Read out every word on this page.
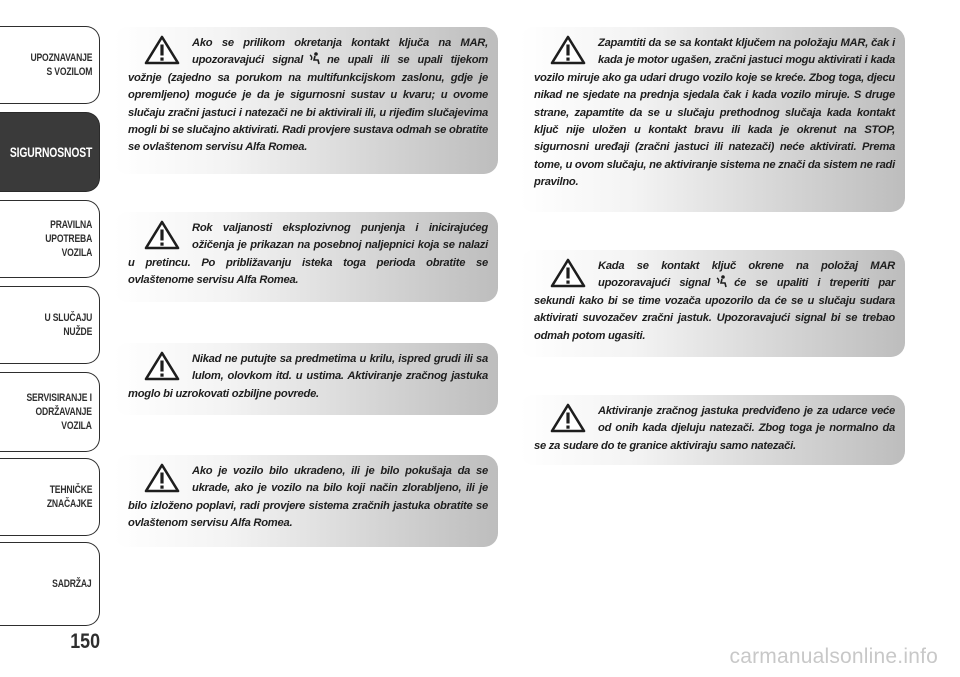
UPOZNAVANJE
S VOZILOM
SIGURNOSNOST
PRAVILNA
UPOTREBA
VOZILA
U SLUČAJU
NUŽDE
SERVISIRANJE I
ODRŽAVANJE
VOZILA
TEHNIČKE
ZNAČAJKE
SADRŽAJ
150
Ako se prilikom okretanja kontakt ključa na MAR, upozoravajući signal ne upali ili se upali tijekom vožnje (zajedno sa porukom na multifunkcijskom zaslonu, gdje je opremljeno) moguće je da je sigurnosni sustav u kvaru; u ovome slučaju zračni jastuci i natezači ne bi aktivirali ili, u rijeđim slučajevima mogli bi se slučajno aktivirati. Radi provjere sustava odmah se obratite se ovlaštenom servisu Alfa Romea.
Rok valjanosti eksplozivnog punjenja i inicirajućeg ožičenja je prikazan na posebnoj naljepnici koja se nalazi u pretincu. Po približavanju isteka toga perioda obratite se ovlaštenome servisu Alfa Romea.
Nikad ne putujte sa predmetima u krilu, ispred grudi ili sa lulom, olovkom itd. u ustima. Aktiviranje zračnog jastuka moglo bi uzrokovati ozbiljne povrede.
Ako je vozilo bilo ukradeno, ili je bilo pokušaja da se ukrade, ako je vozilo na bilo koji način zlorabljeno, ili je bilo izloženo poplavi, radi provjere sistema zračnih jastuka obratite se ovlaštenom servisu Alfa Romea.
Zapamtiti da se sa kontakt ključem na položaju MAR, čak i kada je motor ugašen, zračni jastuci mogu aktivirati i kada vozilo miruje ako ga udari drugo vozilo koje se kreće. Zbog toga, djecu nikad ne sjedate na prednja sjedala čak i kada vozilo miruje. S druge strane, zapamtite da se u slučaju prethodnog slučaja kada kontakt ključ nije uložen u kontakt bravu ili kada je okrenut na STOP, sigurnosni uređaji (zračni jastuci ili natezači) neće aktivirati. Prema tome, u ovom slučaju, ne aktiviranje sistema ne znači da sistem ne radi pravilno.
Kada se kontakt ključ okrene na položaj MAR upozoravajući signal će se upaliti i treperiti par sekundi kako bi se time vozača upozorilo da će se u slučaju sudara aktivirati suvozačev zračni jastuk. Upozoravajući signal bi se trebao odmah potom ugasiti.
Aktiviranje zračnog jastuka predviđeno je za udarce veće od onih kada djeluju natezači. Zbog toga je normalno da se za sudare do te granice aktiviraju samo natezači.
carmanualsonline.info
